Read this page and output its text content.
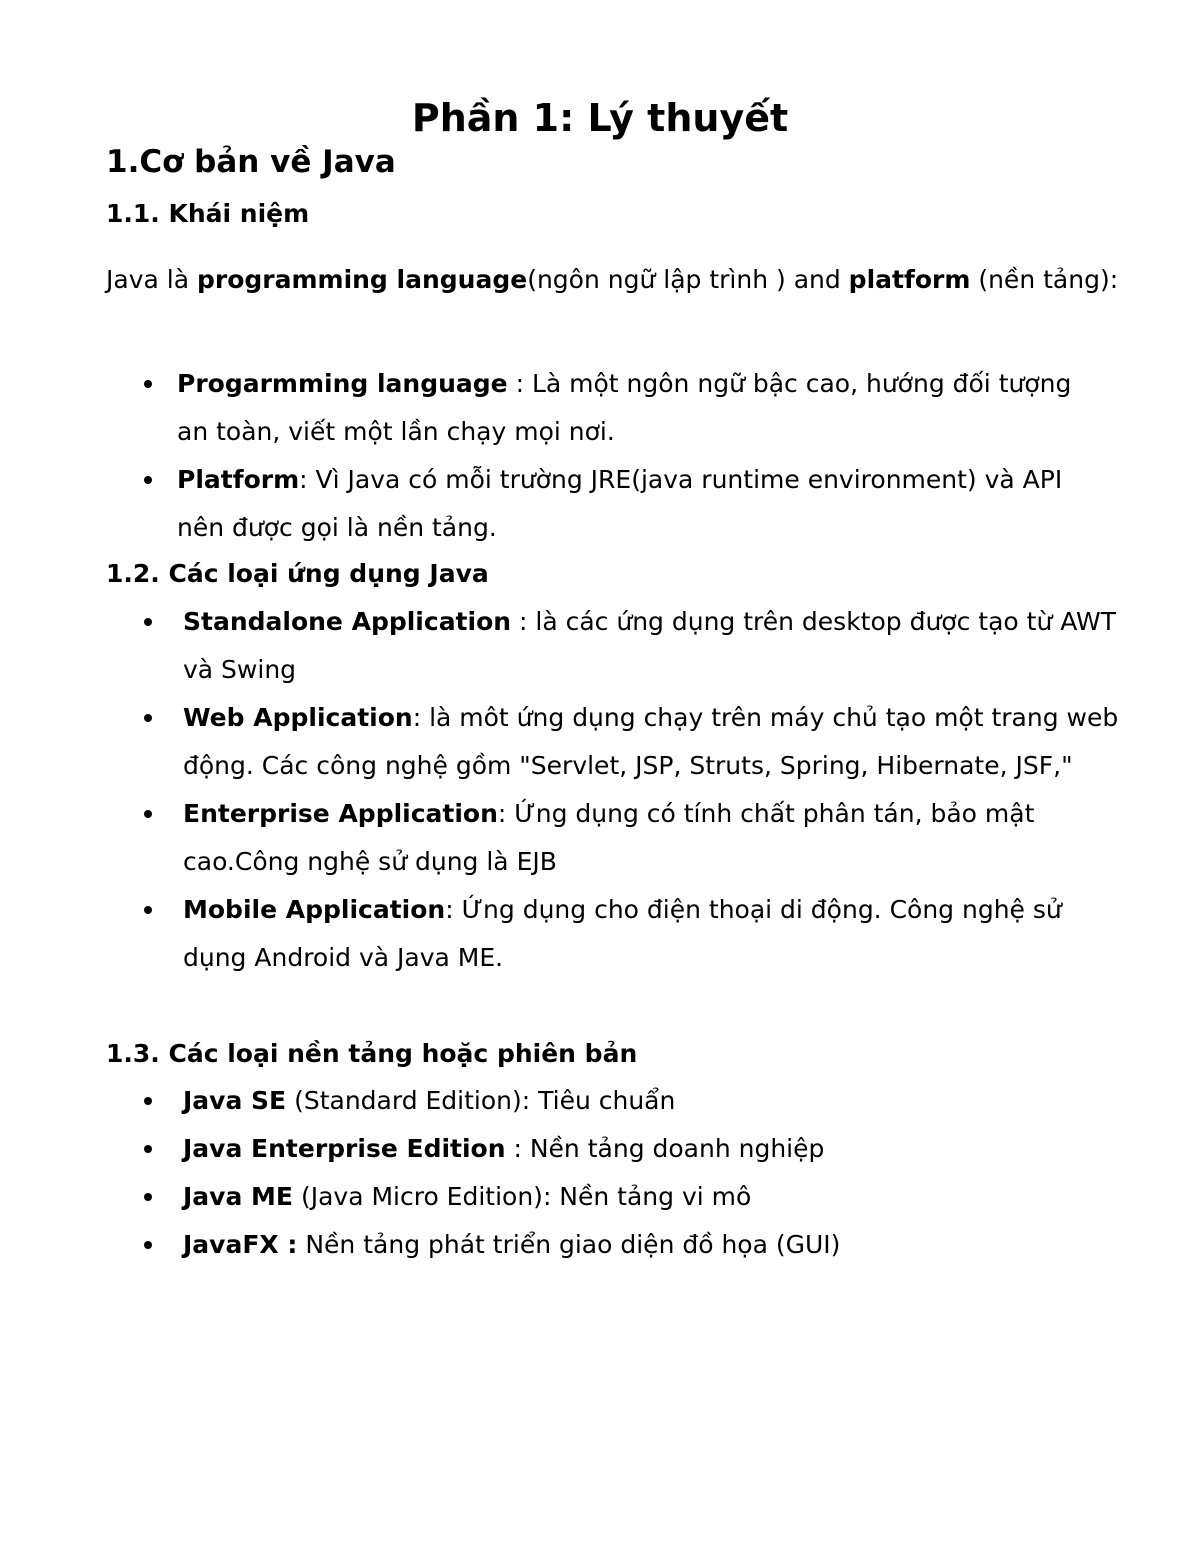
Phần 1: Lý thuyết
1.Cơ bản về Java
1.1. Khái niệm

Java là programming language(ngôn ngữ lập trình ) and platform (nền tảng):

Progarmming language : Là một ngôn ngữ bậc cao, hướng đối tượng an toàn, viết một lần chạy mọi nơi.
Platform: Vì Java có mỗi trường JRE(java runtime environment) và API nên được gọi là nền tảng.
1.2. Các loại ứng dụng Java
Standalone Application : là các ứng dụng trên desktop được tạo từ AWT và Swing
Web Application: là môt ứng dụng chạy trên máy chủ tạo một trang web động. Các công nghệ gồm "Servlet, JSP, Struts, Spring, Hibernate, JSF,"
Enterprise Application: Ứng dụng có tính chất phân tán, bảo mật cao.Công nghệ sử dụng là EJB
Mobile Application: Ứng dụng cho điện thoại di động. Công nghệ sử dụng Android và Java ME.
1.3. Các loại nền tảng hoặc phiên bản
Java SE (Standard Edition): Tiêu chuẩn
Java Enterprise Edition : Nền tảng doanh nghiệp
Java ME (Java Micro Edition): Nền tảng vi mô
JavaFX : Nền tảng phát triển giao diện đồ họa (GUI)
